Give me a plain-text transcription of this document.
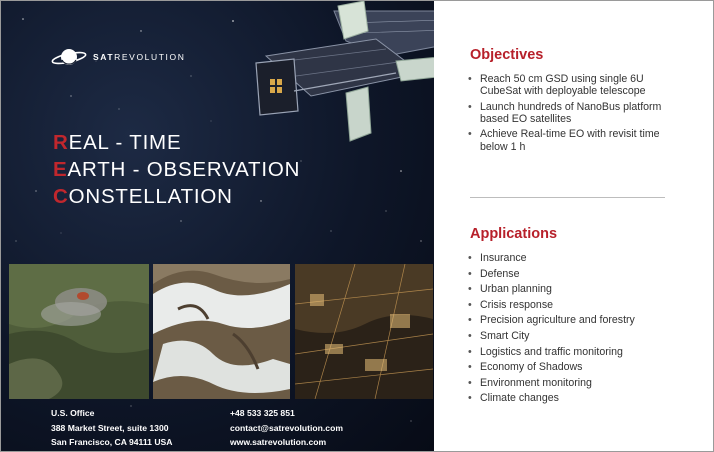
SATREVOLUTION
REAL - TIME
EARTH - OBSERVATION
CONSTELLATION
U.S. Office
388 Market Street, suite 1300
San Francisco, CA 94111 USA
+48 533 325 851
contact@satrevolution.com
www.satrevolution.com
Objectives
• Reach 50 cm GSD using single 6U CubeSat with deployable telescope
• Launch hundreds of NanoBus platform based EO satellites
• Achieve Real-time EO with revisit time below 1 h
Applications
• Insurance
• Defense
• Urban planning
• Crisis response
• Precision agriculture and forestry
• Smart City
• Logistics and traffic monitoring
• Economy of Shadows
• Environment monitoring
• Climate changes
